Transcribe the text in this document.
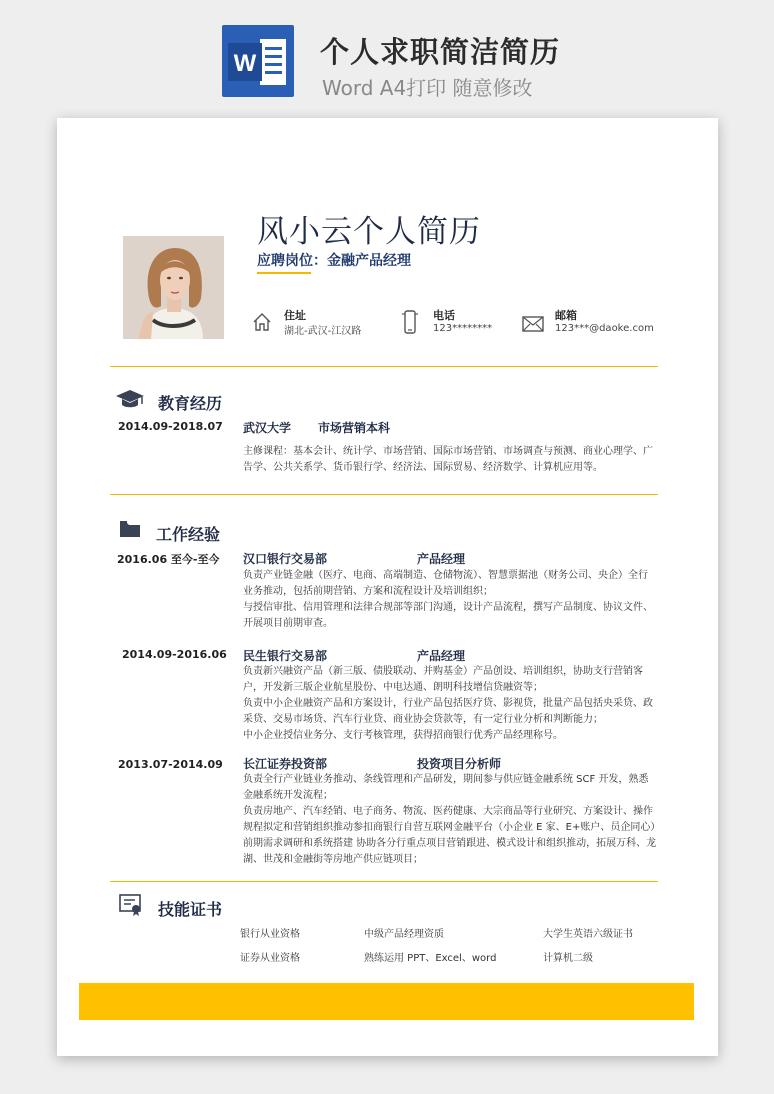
W 个人求职简洁简历
Word A4打印 随意修改
风小云个人简历
应聘岗位：金融产品经理
住址
湖北-武汉-江汉路
电话
123********
邮箱
123***@daoke.com
教育经历
2014.09-2018.07 武汉大学 市场营销本科
主修课程：基本会计、统计学、市场营销、国际市场营销、市场调查与预测、商业心理学、广告学、公共关系学、货币银行学、经济法、国际贸易、经济数学、计算机应用等。
工作经验
2016.06 至今-至今 汉口银行交易部	产品经理

负责产业链金融（医疗、电商、高端制造、仓储物流）、智慧票据池（财务公司、央企）全行业务推动，包括前期营销、方案和流程设计及培训组织；

与授信审批、信用管理和法律合规部等部门沟通，设计产品流程，撰写产品制度、协议文件、开展项目前期审查。

2014.09-2016.06 民生银行交易部	产品经理

负责新兴融资产品（新三版、债股联动、并购基金）产品创设、培训组织，协助支行营销客户，开发新三版企业航星股份、中电达通、朗明科技增信贷融资等；

负责中小企业融资产品和方案设计，行业产品包括医疗贷、影视贷，批量产品包括央采贷、政采贷、交易市场贷、汽车行业贷、商业协会贷款等，有一定行业分析和判断能力；

中小企业授信业务分、支行考核管理，获得招商银行优秀产品经理称号。

2013.07-2014.09 长江证券投资部	投资项目分析师

负责全行产业链业务推动、条线管理和产品研发，期间参与供应链金融系统 SCF 开发，熟悉金融系统开发流程；

负责房地产、汽车经销、电子商务、物流、医药健康、大宗商品等行业研究、方案设计、操作规程拟定和营销组织推动参扣商银行自营互联网金融平台（小企业 E 家、E+账户、员企同心）前期需求调研和系统搭建 协助各分行重点项目营销跟进、模式设计和组织推动，拓展万科、龙湖、世茂和金融街等房地产供应链项目；

技能证书
银行从业资格	中级产品经理资质	大学生英语六级证书
证券从业资格	熟练运用 PPT、Excel、word	计算机二级
